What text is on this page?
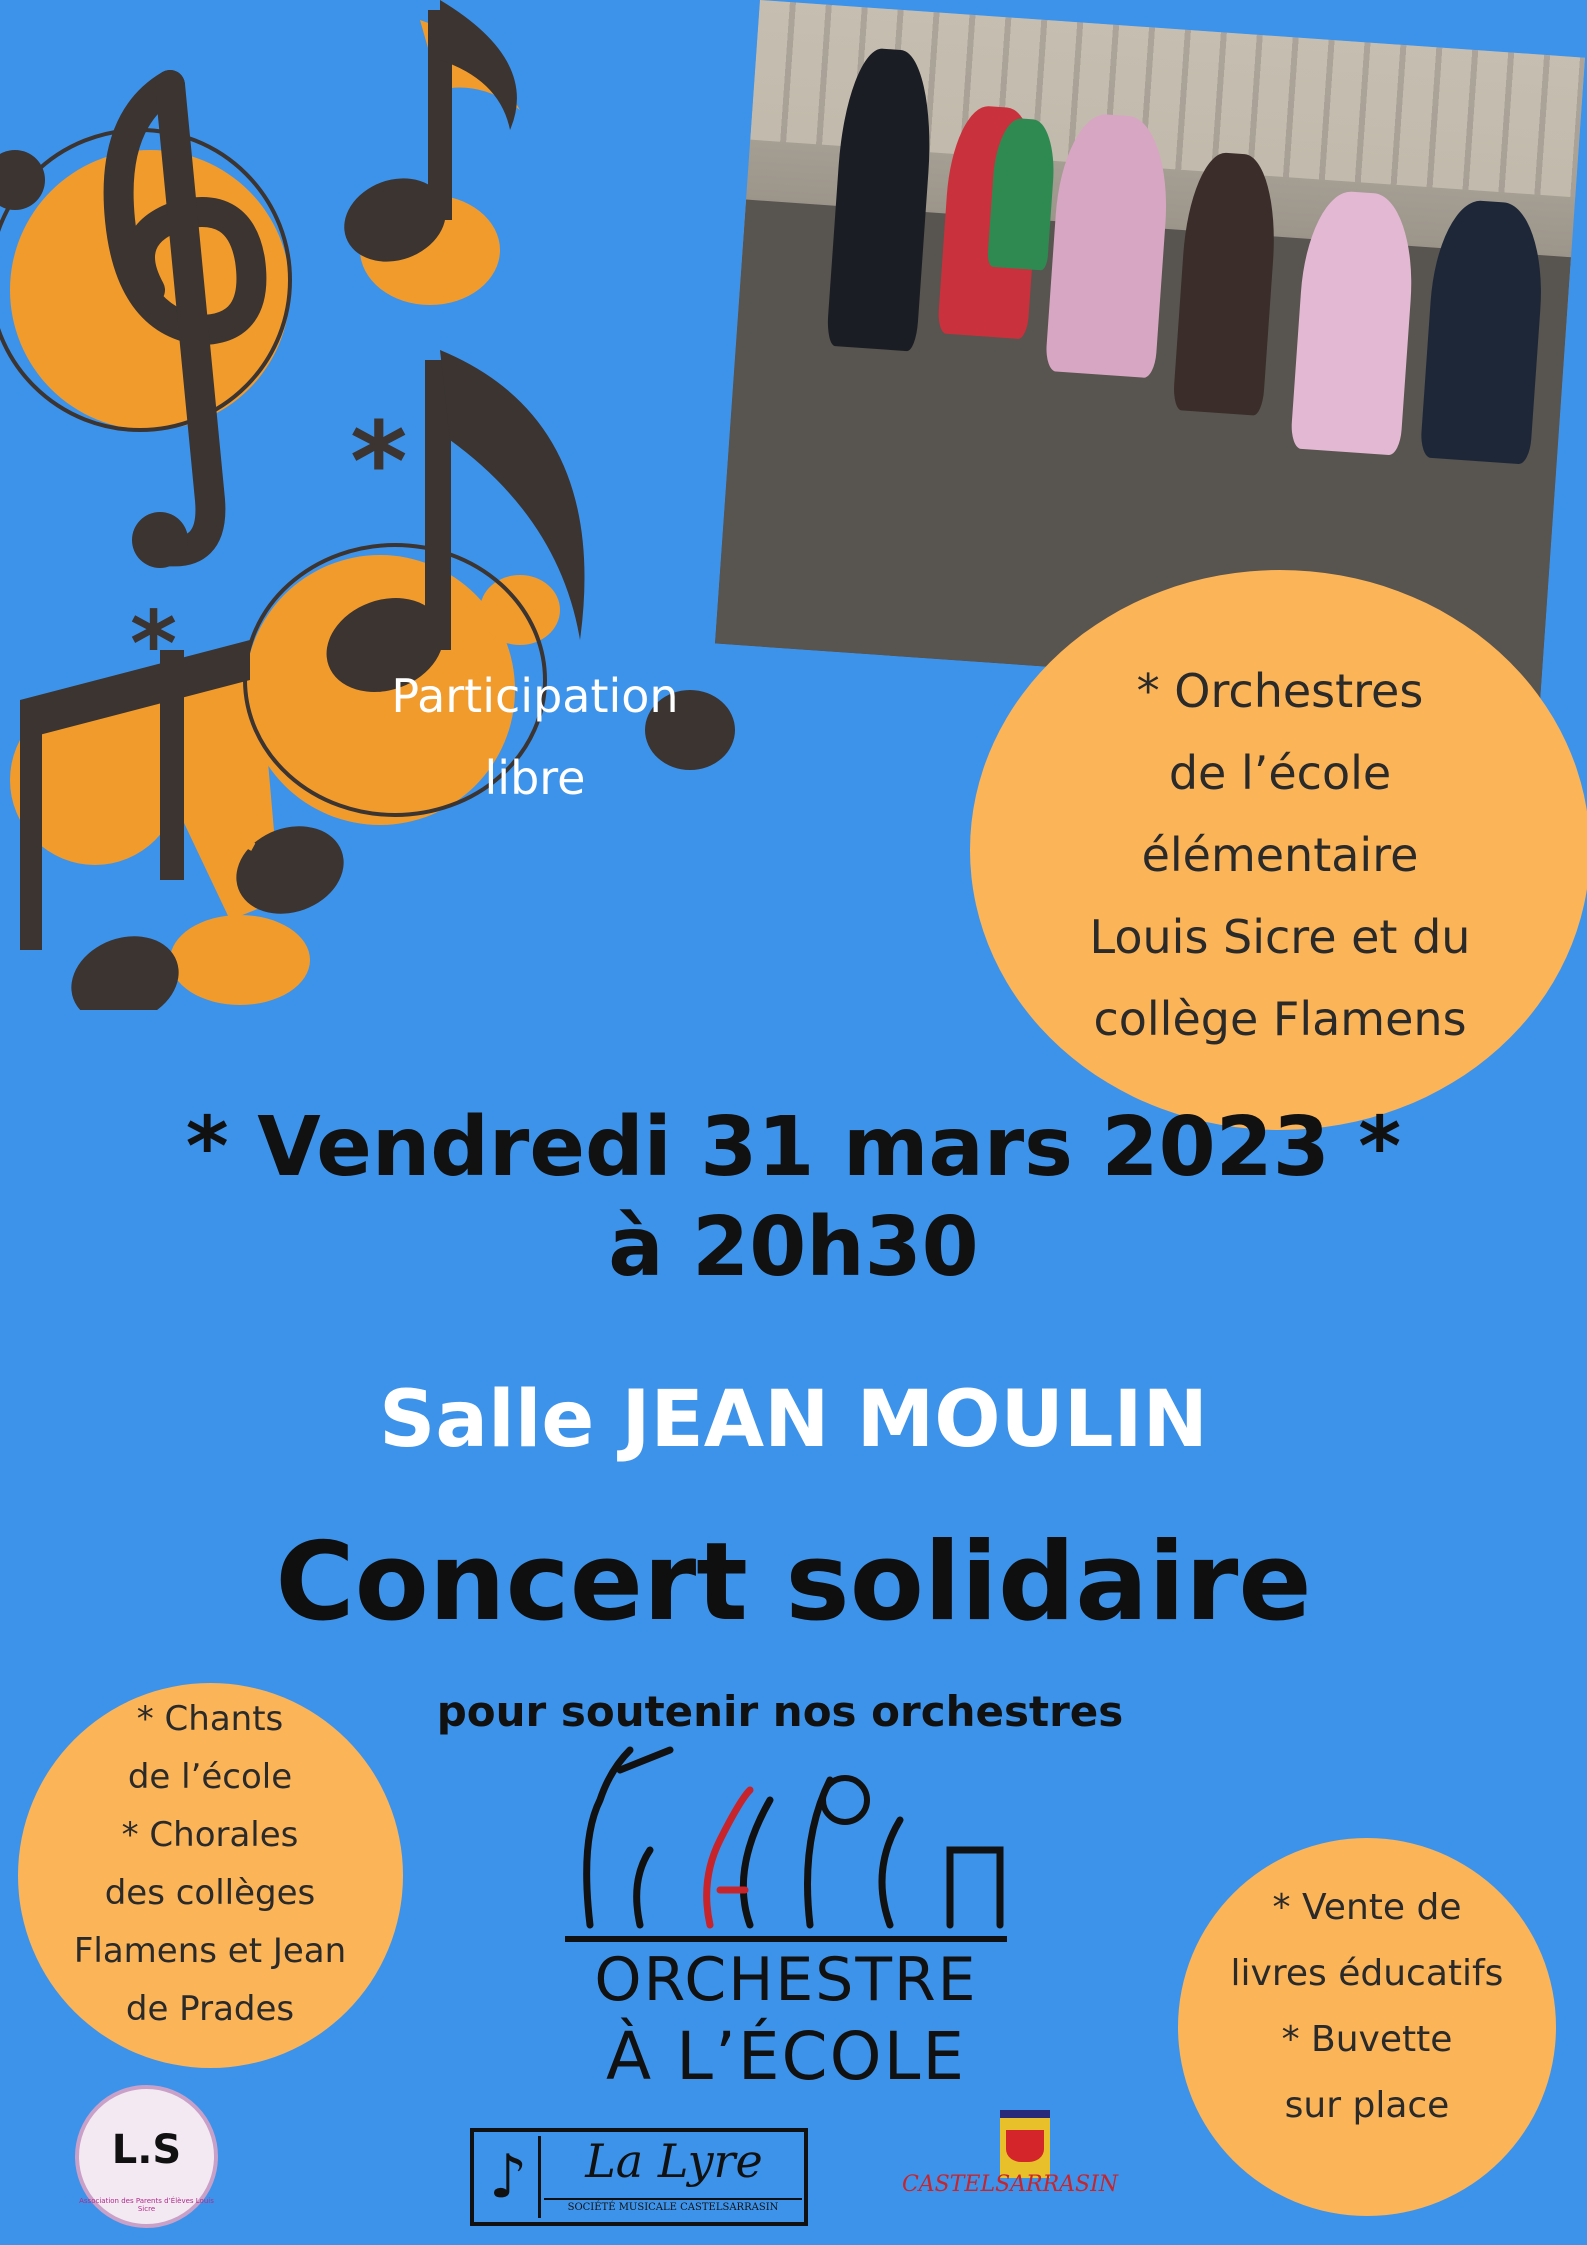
*
*
*
Participation
libre
* Orchestres
de l’école
élémentaire
Louis Sicre et du
collège Flamens
* Vendredi 31 mars 2023 *
à 20h30
Salle JEAN MOULIN
Concert solidaire
pour soutenir nos orchestres
* Chants
de l’école
* Chorales
des collèges
Flamens et Jean
de Prades
* Vente de
livres éducatifs
* Buvette
sur place
ORCHESTRE
À L’ÉCOLE
Association des Parents d’Élèves Louis Sicre
L.S	♪	La Lyre
SOCIÉTÉ MUSICALE CASTELSARRASIN
CASTELSARRASIN
